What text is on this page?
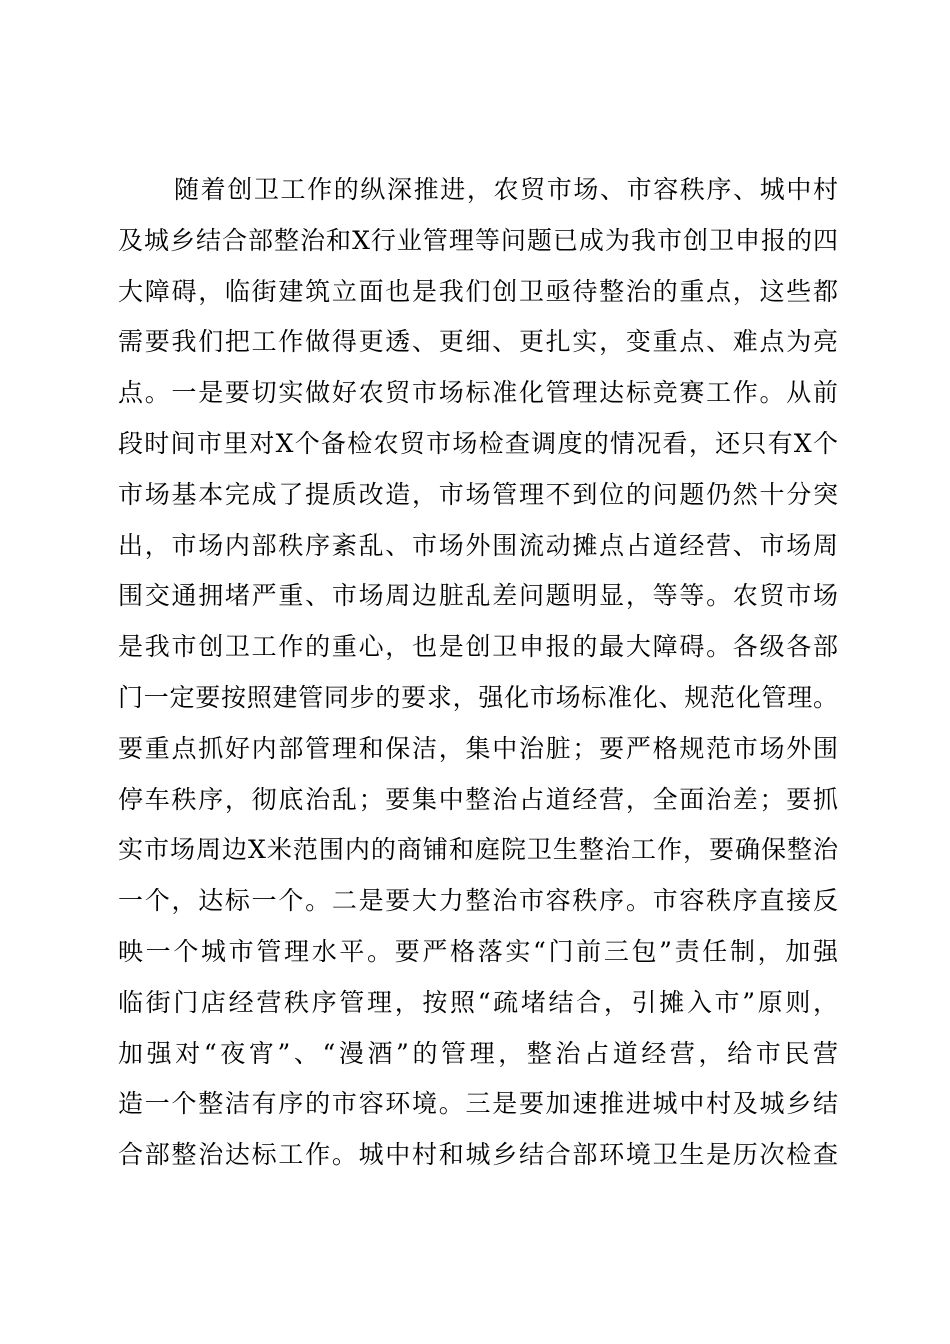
随着创卫工作的纵深推进，农贸市场、市容秩序、城中村
及城乡结合部整治和X行业管理等问题已成为我市创卫申报的四
大障碍，临街建筑立面也是我们创卫亟待整治的重点，这些都
需要我们把工作做得更透、更细、更扎实，变重点、难点为亮
点。一是要切实做好农贸市场标准化管理达标竞赛工作。从前
段时间市里对X个备检农贸市场检查调度的情况看，还只有X个
市场基本完成了提质改造，市场管理不到位的问题仍然十分突
出，市场内部秩序紊乱、市场外围流动摊点占道经营、市场周
围交通拥堵严重、市场周边脏乱差问题明显，等等。农贸市场
是我市创卫工作的重心，也是创卫申报的最大障碍。各级各部
门一定要按照建管同步的要求，强化市场标准化、规范化管理。
要重点抓好内部管理和保洁，集中治脏；要严格规范市场外围
停车秩序，彻底治乱；要集中整治占道经营，全面治差；要抓
实市场周边X米范围内的商铺和庭院卫生整治工作，要确保整治
一个，达标一个。二是要大力整治市容秩序。市容秩序直接反
映一个城市管理水平。要严格落实“门前三包”责任制，加强
临街门店经营秩序管理，按照“疏堵结合，引摊入市”原则，
加强对“夜宵”、“漫酒”的管理，整治占道经营，给市民营
造一个整洁有序的市容环境。三是要加速推进城中村及城乡结
合部整治达标工作。城中村和城乡结合部环境卫生是历次检查
